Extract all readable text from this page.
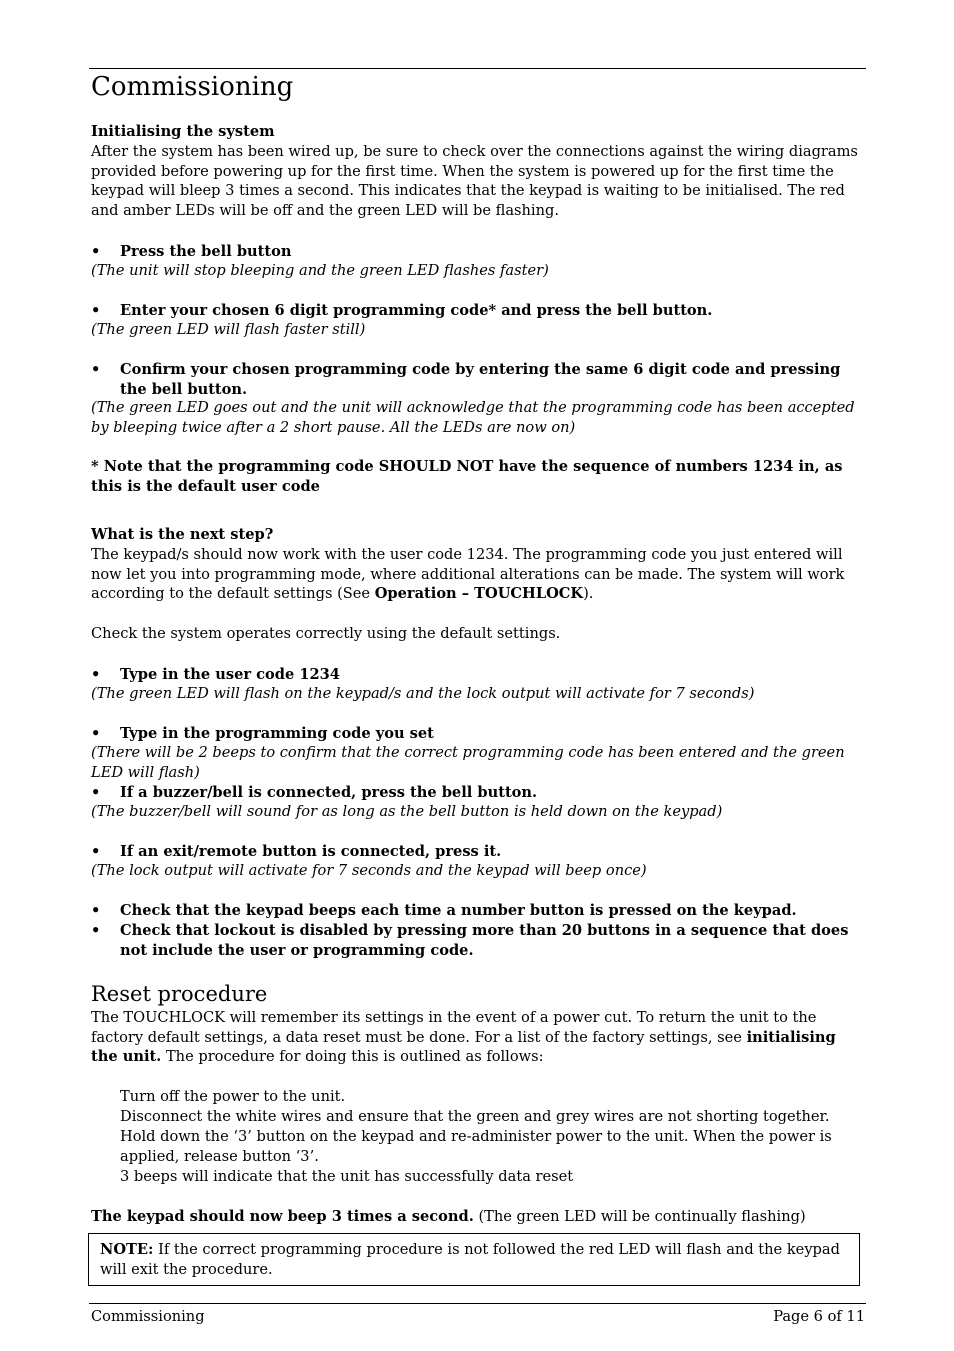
Commissioning

Initialising the system

After the system has been wired up, be sure to check over the connections against the wiring diagrams provided before powering up for the first time. When the system is powered up for the first time the keypad will bleep 3 times a second. This indicates that the keypad is waiting to be initialised. The red and amber LEDs will be off and the green LED will be flashing.

•	Press the bell button

(The unit will stop bleeping and the green LED flashes faster)

•	Enter your chosen 6 digit programming code* and press the bell button.

(The green LED will flash faster still)

•	Confirm your chosen programming code by entering the same 6 digit code and pressing the bell button.

(The green LED goes out and the unit will acknowledge that the programming code has been accepted by bleeping twice after a 2 short pause. All the LEDs are now on)

* Note that the programming code SHOULD NOT have the sequence of numbers 1234 in, as this is the default user code

What is the next step?

The keypad/s should now work with the user code 1234. The programming code you just entered will now let you into programming mode, where additional alterations can be made. The system will work according to the default settings (See Operation – TOUCHLOCK).

Check the system operates correctly using the default settings.

•	Type in the user code 1234

(The green LED will flash on the keypad/s and the lock output will activate for 7 seconds)

•	Type in the programming code you set

(There will be 2 beeps to confirm that the correct programming code has been entered and the green LED will flash)

•	If a buzzer/bell is connected, press the bell button.

(The buzzer/bell will sound for as long as the bell button is held down on the keypad)

•	If an exit/remote button is connected, press it.

(The lock output will activate for 7 seconds and the keypad will beep once)

•	Check that the keypad beeps each time a number button is pressed on the keypad.
•	Check that lockout is disabled by pressing more than 20 buttons in a sequence that does not include the user or programming code.
Reset procedure

The TOUCHLOCK will remember its settings in the event of a power cut. To return the unit to the factory default settings, a data reset must be done. For a list of the factory settings, see initialising the unit. The procedure for doing this is outlined as follows:

Turn off the power to the unit.
Disconnect the white wires and ensure that the green and grey wires are not shorting together.
Hold down the ‘3’ button on the keypad and re-administer power to the unit. When the power is applied, release button ‘3’.
3 beeps will indicate that the unit has successfully data reset

The keypad should now beep 3 times a second. (The green LED will be continually flashing)

NOTE: If the correct programming procedure is not followed the red LED will flash and the keypad will exit the procedure.

Commissioning	Page 6 of 11
